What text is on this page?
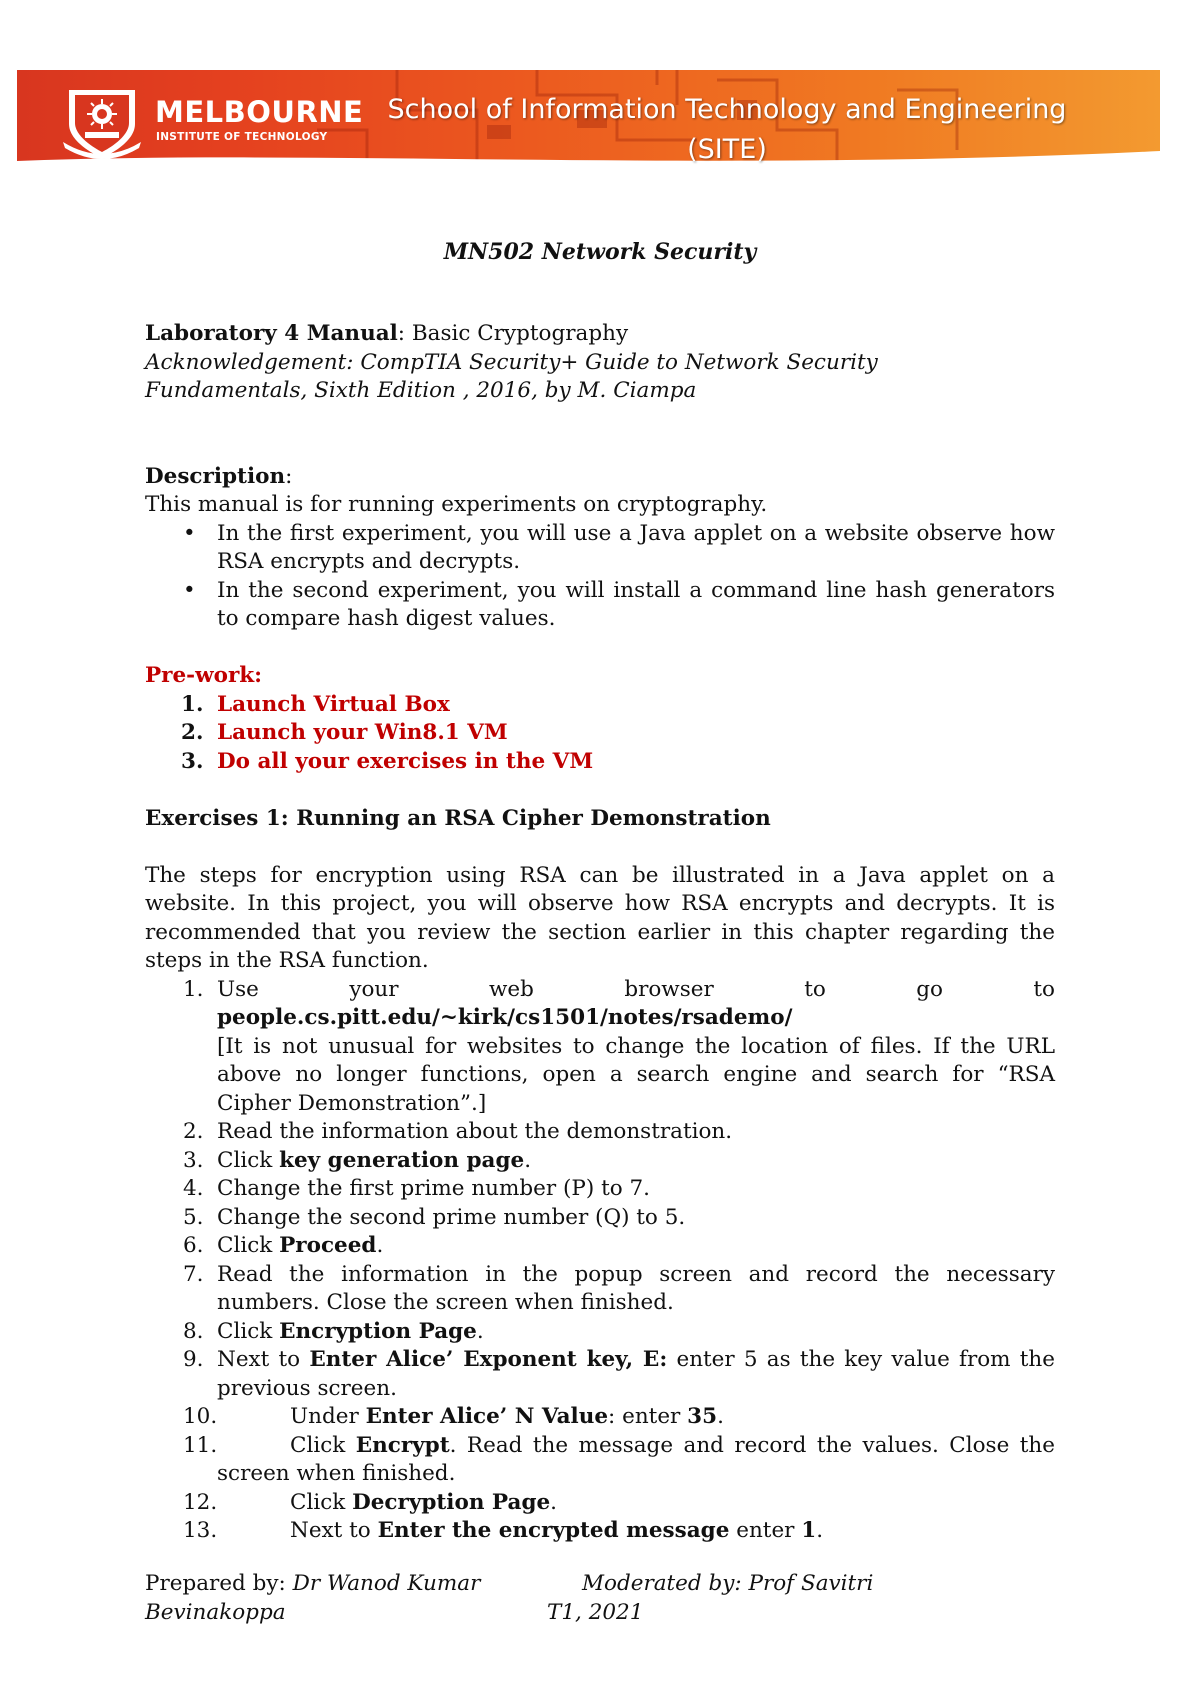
MELBOURNE
INSTITUTE OF TECHNOLOGY
School of Information Technology and Engineering
(SITE)
MN502 Network Security

Laboratory 4 Manual: Basic Cryptography

Acknowledgement: CompTIA Security+ Guide to Network Security

Fundamentals, Sixth Edition , 2016, by M. Ciampa

Description:

This manual is for running experiments on cryptography.

• In the first experiment, you will use a Java applet on a website observe how RSA encrypts and decrypts.
• In the second experiment, you will install a command line hash generators to compare hash digest values.

Pre-work:

1. Launch Virtual Box
2. Launch your Win8.1 VM
3. Do all your exercises in the VM

Exercises 1: Running an RSA Cipher Demonstration

The steps for encryption using RSA can be illustrated in a Java applet on a website. In this project, you will observe how RSA encrypts and decrypts. It is recommended that you review the section earlier in this chapter regarding the steps in the RSA function.

1. Use	your	web	browser	to	go	to
people.cs.pitt.edu/~kirk/cs1501/notes/rsademo/
[It is not unusual for websites to change the location of files. If the URL above no longer functions, open a search engine and search for “RSA Cipher Demonstration”.]
2. Read the information about the demonstration.
3. Click key generation page.
4. Change the first prime number (P) to 7.
5. Change the second prime number (Q) to 5.
6. Click Proceed.
7. Read the information in the popup screen and record the necessary numbers. Close the screen when finished.
8. Click Encryption Page.
9. Next to Enter Alice’ Exponent key, E: enter 5 as the key value from the previous screen.
10.	Under Enter Alice’ N Value: enter 35.
11.	Click Encrypt. Read the message and record the values. Close the screen when finished.
12.	Click Decryption Page.
13.	Next to Enter the encrypted message enter 1.
Prepared by: Dr Wanod Kumar	Moderated by: Prof Savitri
Bevinakoppa	T1, 2021
